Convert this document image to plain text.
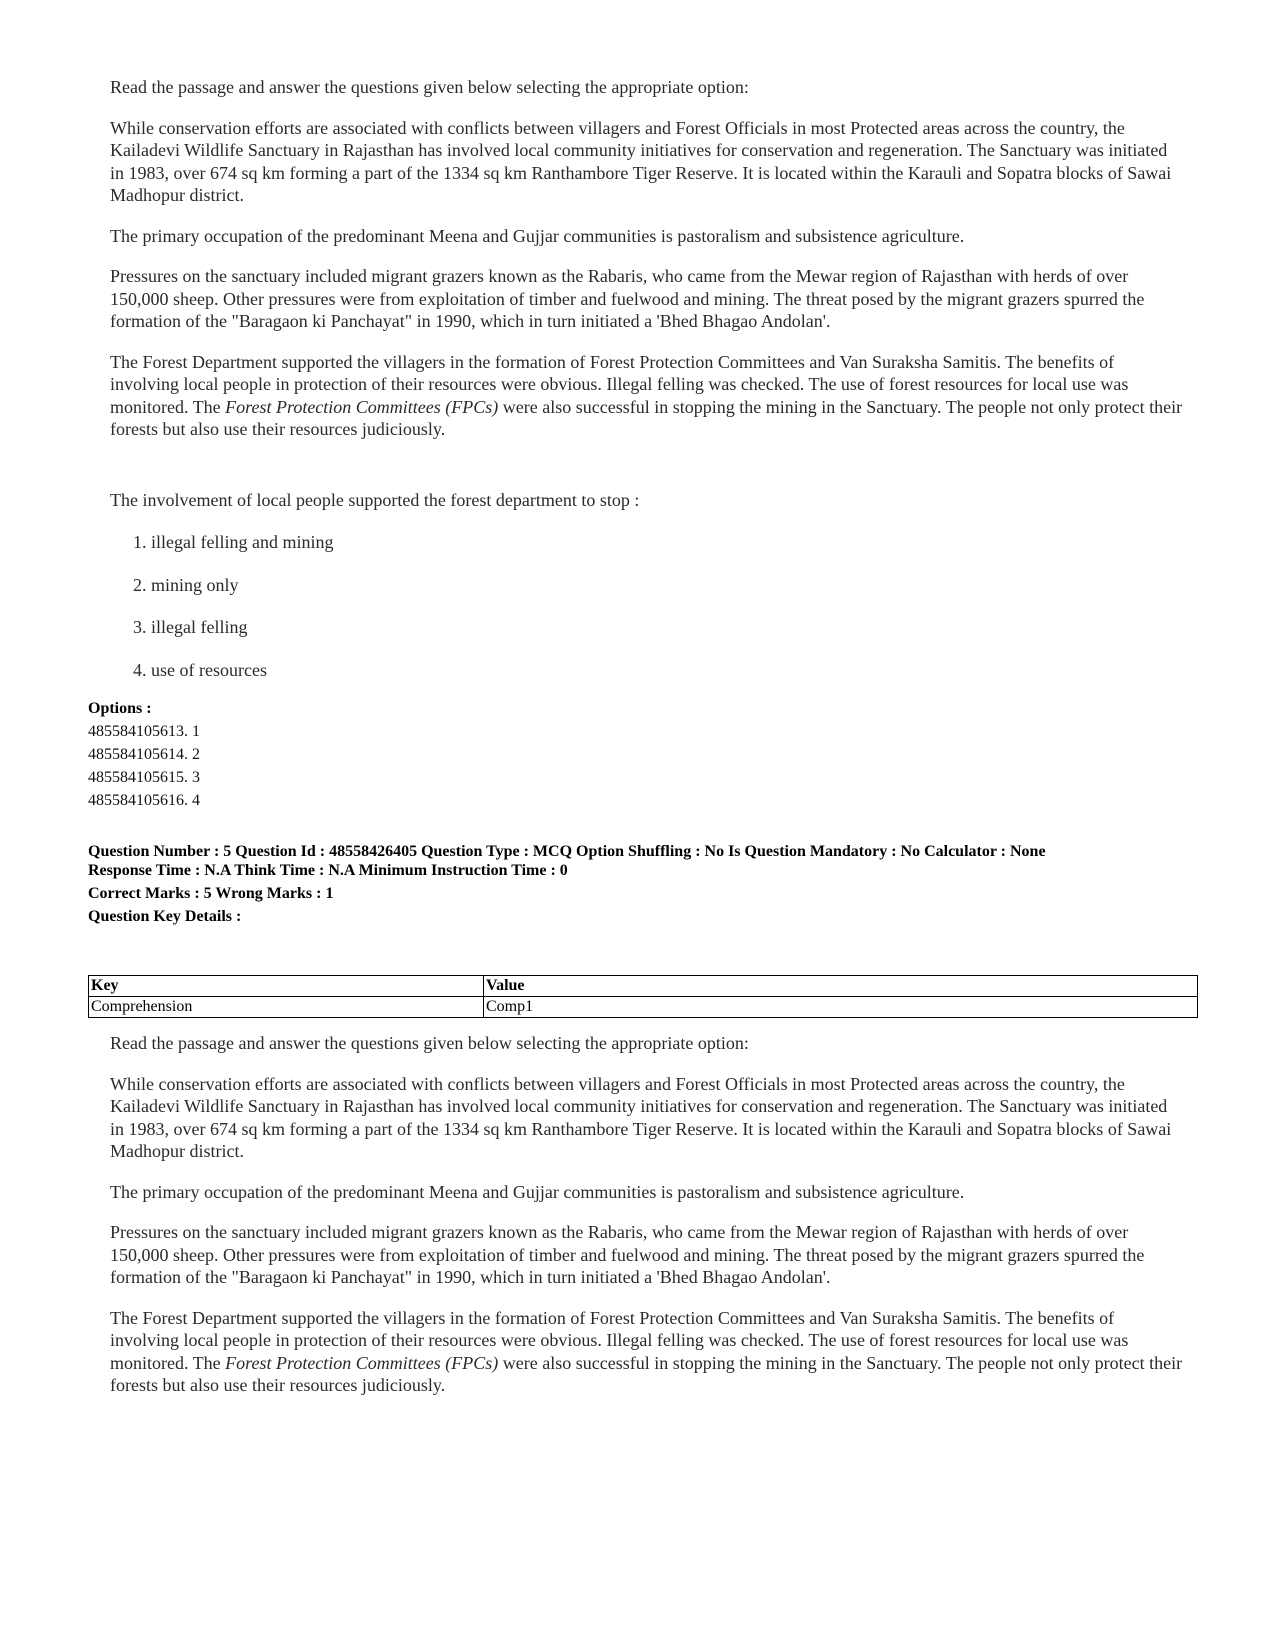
Read the passage and answer the questions given below selecting the appropriate option:

While conservation efforts are associated with conflicts between villagers and Forest Officials in most Protected areas across the country, the Kailadevi Wildlife Sanctuary in Rajasthan has involved local community initiatives for conservation and regeneration. The Sanctuary was initiated in 1983, over 674 sq km forming a part of the 1334 sq km Ranthambore Tiger Reserve. It is located within the Karauli and Sopatra blocks of Sawai Madhopur district.

The primary occupation of the predominant Meena and Gujjar communities is pastoralism and subsistence agriculture.

Pressures on the sanctuary included migrant grazers known as the Rabaris, who came from the Mewar region of Rajasthan with herds of over 150,000 sheep. Other pressures were from exploitation of timber and fuelwood and mining. The threat posed by the migrant grazers spurred the formation of the "Baragaon ki Panchayat" in 1990, which in turn initiated a 'Bhed Bhagao Andolan'.

The Forest Department supported the villagers in the formation of Forest Protection Committees and Van Suraksha Samitis. The benefits of involving local people in protection of their resources were obvious. Illegal felling was checked. The use of forest resources for local use was monitored. The Forest Protection Committees (FPCs) were also successful in stopping the mining in the Sanctuary. The people not only protect their forests but also use their resources judiciously.

The involvement of local people supported the forest department to stop :
1. illegal felling and mining
2. mining only
3. illegal felling
4. use of resources
Options :
485584105613. 1
485584105614. 2
485584105615. 3
485584105616. 4
Question Number : 5 Question Id : 48558426405 Question Type : MCQ Option Shuffling : No Is Question Mandatory : No Calculator : None
Response Time : N.A Think Time : N.A Minimum Instruction Time : 0
Correct Marks : 5 Wrong Marks : 1
Question Key Details :
Key	Value
Comprehension	Comp1

Read the passage and answer the questions given below selecting the appropriate option:

While conservation efforts are associated with conflicts between villagers and Forest Officials in most Protected areas across the country, the Kailadevi Wildlife Sanctuary in Rajasthan has involved local community initiatives for conservation and regeneration. The Sanctuary was initiated in 1983, over 674 sq km forming a part of the 1334 sq km Ranthambore Tiger Reserve. It is located within the Karauli and Sopatra blocks of Sawai Madhopur district.

The primary occupation of the predominant Meena and Gujjar communities is pastoralism and subsistence agriculture.

Pressures on the sanctuary included migrant grazers known as the Rabaris, who came from the Mewar region of Rajasthan with herds of over 150,000 sheep. Other pressures were from exploitation of timber and fuelwood and mining. The threat posed by the migrant grazers spurred the formation of the "Baragaon ki Panchayat" in 1990, which in turn initiated a 'Bhed Bhagao Andolan'.

The Forest Department supported the villagers in the formation of Forest Protection Committees and Van Suraksha Samitis. The benefits of involving local people in protection of their resources were obvious. Illegal felling was checked. The use of forest resources for local use was monitored. The Forest Protection Committees (FPCs) were also successful in stopping the mining in the Sanctuary. The people not only protect their forests but also use their resources judiciously.
